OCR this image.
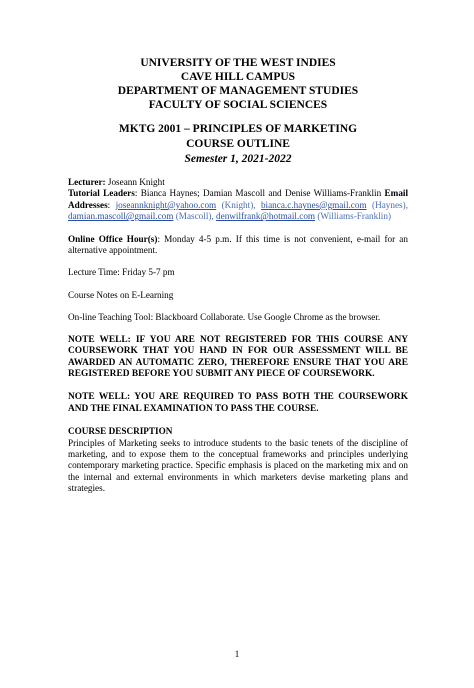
UNIVERSITY OF THE WEST INDIES
CAVE HILL CAMPUS
DEPARTMENT OF MANAGEMENT STUDIES
FACULTY OF SOCIAL SCIENCES
MKTG 2001 – PRINCIPLES OF MARKETING
COURSE OUTLINE
Semester 1, 2021-2022
Lecturer: Joseann Knight
Tutorial Leaders: Bianca Haynes; Damian Mascoll and Denise Williams-Franklin Email Addresses: joseannknight@yahoo.com (Knight), bianca.c.haynes@gmail.com (Haynes), damian.mascoll@gmail.com (Mascoll), denwilfrank@hotmail.com (Williams-Franklin)
Online Office Hour(s): Monday 4-5 p.m. If this time is not convenient, e-mail for an alternative appointment.
Lecture Time: Friday 5-7 pm
Course Notes on E-Learning
On-line Teaching Tool: Blackboard Collaborate. Use Google Chrome as the browser.
NOTE WELL: IF YOU ARE NOT REGISTERED FOR THIS COURSE ANY COURSEWORK THAT YOU HAND IN FOR OUR ASSESSMENT WILL BE AWARDED AN AUTOMATIC ZERO, THEREFORE ENSURE THAT YOU ARE REGISTERED BEFORE YOU SUBMIT ANY PIECE OF COURSEWORK.
NOTE WELL: YOU ARE REQUIRED TO PASS BOTH THE COURSEWORK AND THE FINAL EXAMINATION TO PASS THE COURSE.
COURSE DESCRIPTION
Principles of Marketing seeks to introduce students to the basic tenets of the discipline of marketing, and to expose them to the conceptual frameworks and principles underlying contemporary marketing practice. Specific emphasis is placed on the marketing mix and on the internal and external environments in which marketers devise marketing plans and strategies.
1
